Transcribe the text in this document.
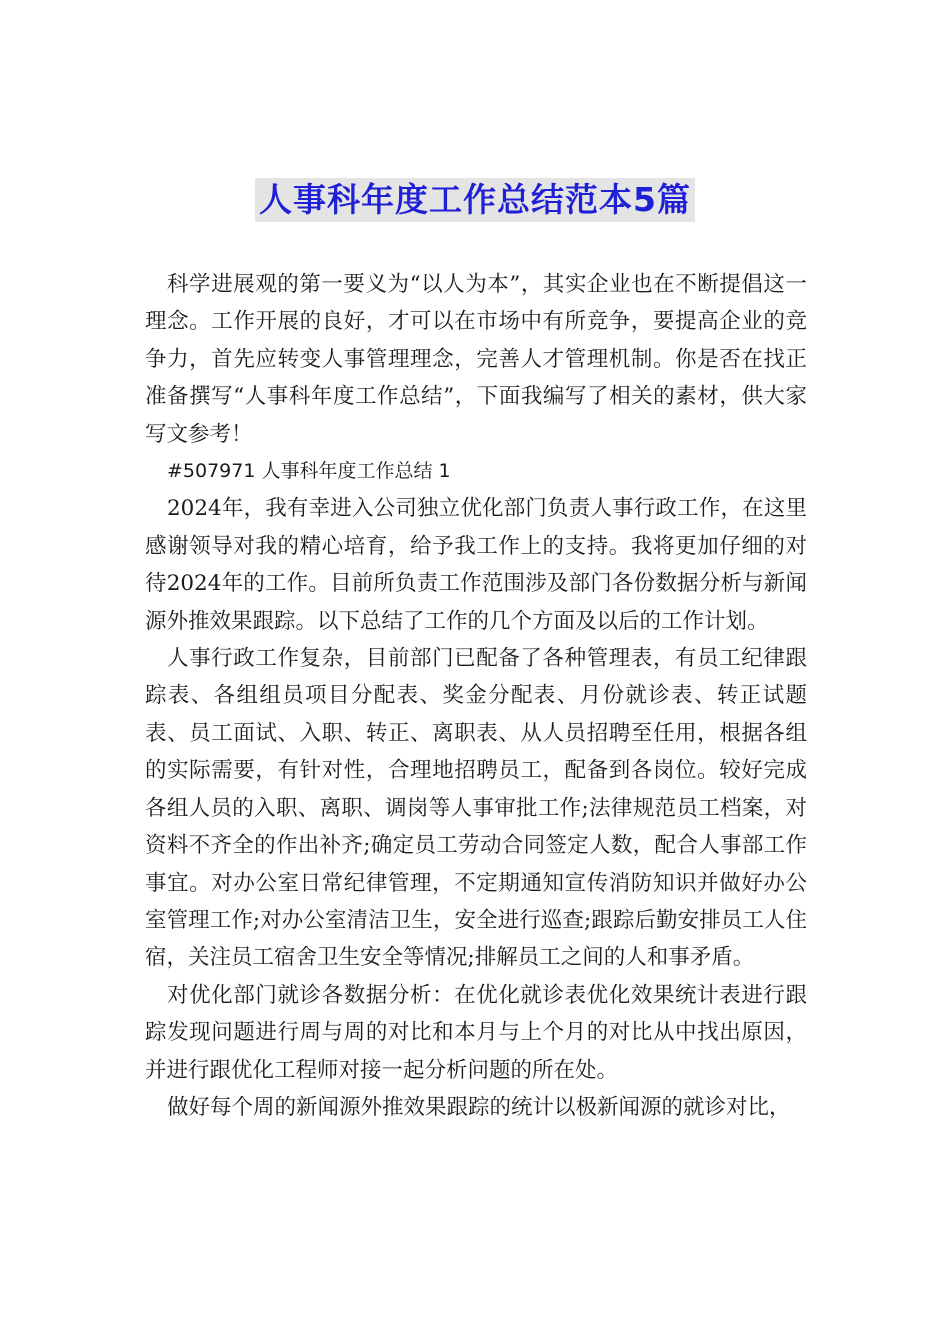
人事科年度工作总结范本5篇

科学进展观的第一要义为“以人为本”，其实企业也在不断提倡这一理念。工作开展的良好，才可以在市场中有所竞争，要提高企业的竞争力，首先应转变人事管理理念，完善人才管理机制。你是否在找正准备撰写“人事科年度工作总结”，下面我编写了相关的素材，供大家写文参考！

#507971 人事科年度工作总结 1

2024年，我有幸进入公司独立优化部门负责人事行政工作，在这里感谢领导对我的精心培育，给予我工作上的支持。我将更加仔细的对待2024年的工作。目前所负责工作范围涉及部门各份数据分析与新闻源外推效果跟踪。以下总结了工作的几个方面及以后的工作计划。

人事行政工作复杂，目前部门已配备了各种管理表，有员工纪律跟踪表、各组组员项目分配表、奖金分配表、月份就诊表、转正试题表、员工面试、入职、转正、离职表、从人员招聘至任用，根据各组的实际需要，有针对性，合理地招聘员工，配备到各岗位。较好完成各组人员的入职、离职、调岗等人事审批工作;法律规范员工档案，对资料不齐全的作出补齐;确定员工劳动合同签定人数，配合人事部工作事宜。对办公室日常纪律管理，不定期通知宣传消防知识并做好办公室管理工作;对办公室清洁卫生，安全进行巡查;跟踪后勤安排员工人住宿，关注员工宿舍卫生安全等情况;排解员工之间的人和事矛盾。

对优化部门就诊各数据分析：在优化就诊表优化效果统计表进行跟踪发现问题进行周与周的对比和本月与上个月的对比从中找出原因，并进行跟优化工程师对接一起分析问题的所在处。

做好每个周的新闻源外推效果跟踪的统计以极新闻源的就诊对比，
